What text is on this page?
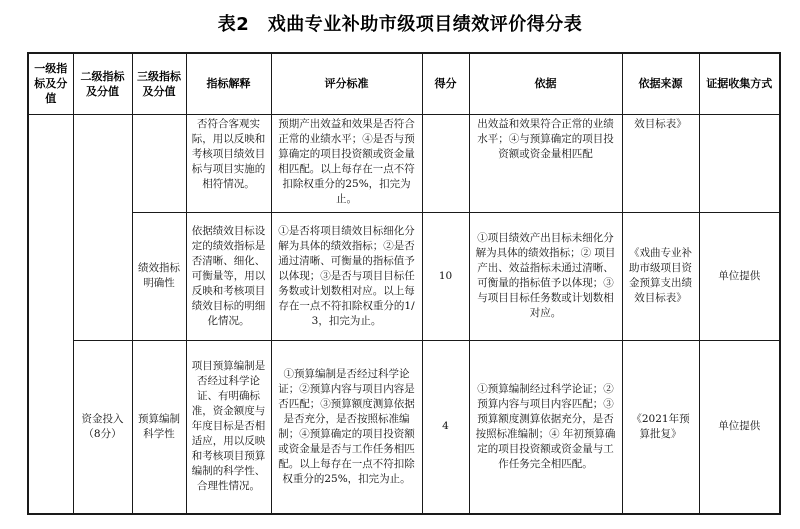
表2　戏曲专业补助市级项目绩效评价得分表
一级指标及分值	二级指标及分值	三级指标及分值	指标解释	评分标准	得分	依据	依据来源	证据收集方式
			否符合客观实际，用以反映和考核项目绩效目标与项目实施的相符情况。	预期产出效益和效果是否符合正常的业绩水平；④是否与预算确定的项目投资额或资金量相匹配。以上每存在一点不符扣除权重分的25%，扣完为止。		出效益和效果符合正常的业绩水平；④与预算确定的项目投资额或资金量相匹配	效目标表》	
		绩效指标明确性	依据绩效目标设定的绩效指标是否清晰、细化、可衡量等，用以反映和考核项目绩效目标的明细化情况。	①是否将项目绩效目标细化分解为具体的绩效指标；②是否通过清晰、可衡量的指标值予以体现；③是否与项目目标任务数或计划数相对应。以上每存在一点不符扣除权重分的1/3，扣完为止。	10	①项目绩效产出目标未细化分解为具体的绩效指标；② 项目产出、效益指标未通过清晰、可衡量的指标值予以体现；③与项目目标任务数或计划数相对应。	《戏曲专业补助市级项目资金预算支出绩效目标表》	单位提供
	资金投入（8分）	预算编制科学性	项目预算编制是否经过科学论证、有明确标准，资金额度与年度目标是否相适应，用以反映和考核项目预算编制的科学性、合理性情况。	①预算编制是否经过科学论证；②预算内容与项目内容是否匹配；③预算额度测算依据是否充分，是否按照标准编制；④预算确定的项目投资额或资金量是否与工作任务相匹配。以上每存在一点不符扣除权重分的25%，扣完为止。	4	①预算编制经过科学论证；②预算内容与项目内容匹配；③预算额度测算依据充分，是否按照标准编制；④ 年初预算确定的项目投资额或资金量与工作任务完全相匹配。	《2021年预算批复》	单位提供
